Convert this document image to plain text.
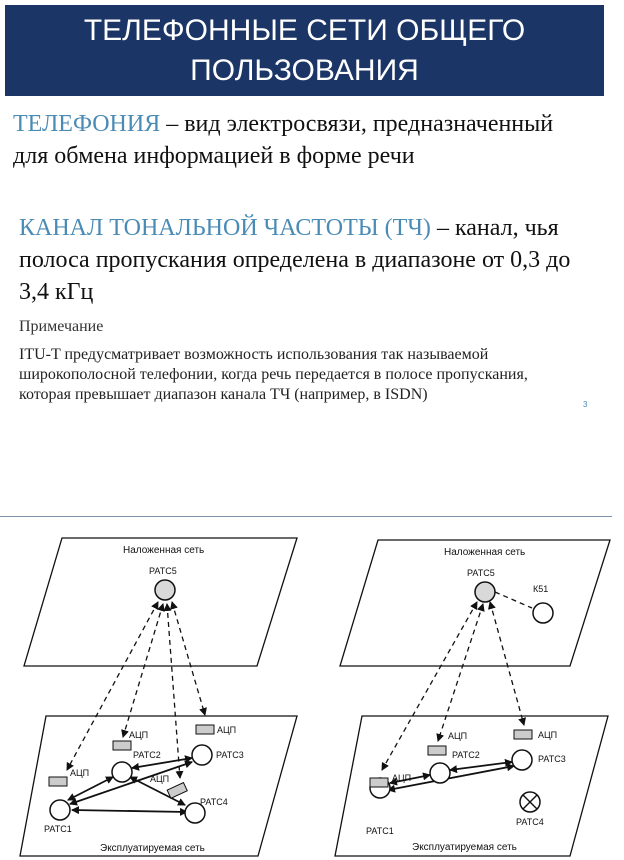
ТЕЛЕФОННЫЕ СЕТИ ОБЩЕГО
ПОЛЬЗОВАНИЯ
ТЕЛЕФОНИЯ – вид электросвязи, предназначенный для обмена информацией в форме речи
КАНАЛ ТОНАЛЬНОЙ ЧАСТОТЫ (ТЧ) – канал, чья полоса пропускания определена в диапазоне от 0,3 до 3,4 кГц
Примечание
ITU-T предусматривает возможность использования так называемой широкополосной телефонии, когда речь передается в полосе пропускания, которая превышает диапазон канала ТЧ (например, в ISDN)
3
Наложенная сеть
Эксплуатируемая сеть
РАТС5
РАТС1
РАТС2	РАТС3
РАТС4
АЦП
АЦП	АЦП
АЦП
Наложенная сеть
Эксплуатируемая сеть
РАТС5
К51
РАТС1
РАТС2	РАТС3
РАТС4
АЦП
АЦП	АЦП
